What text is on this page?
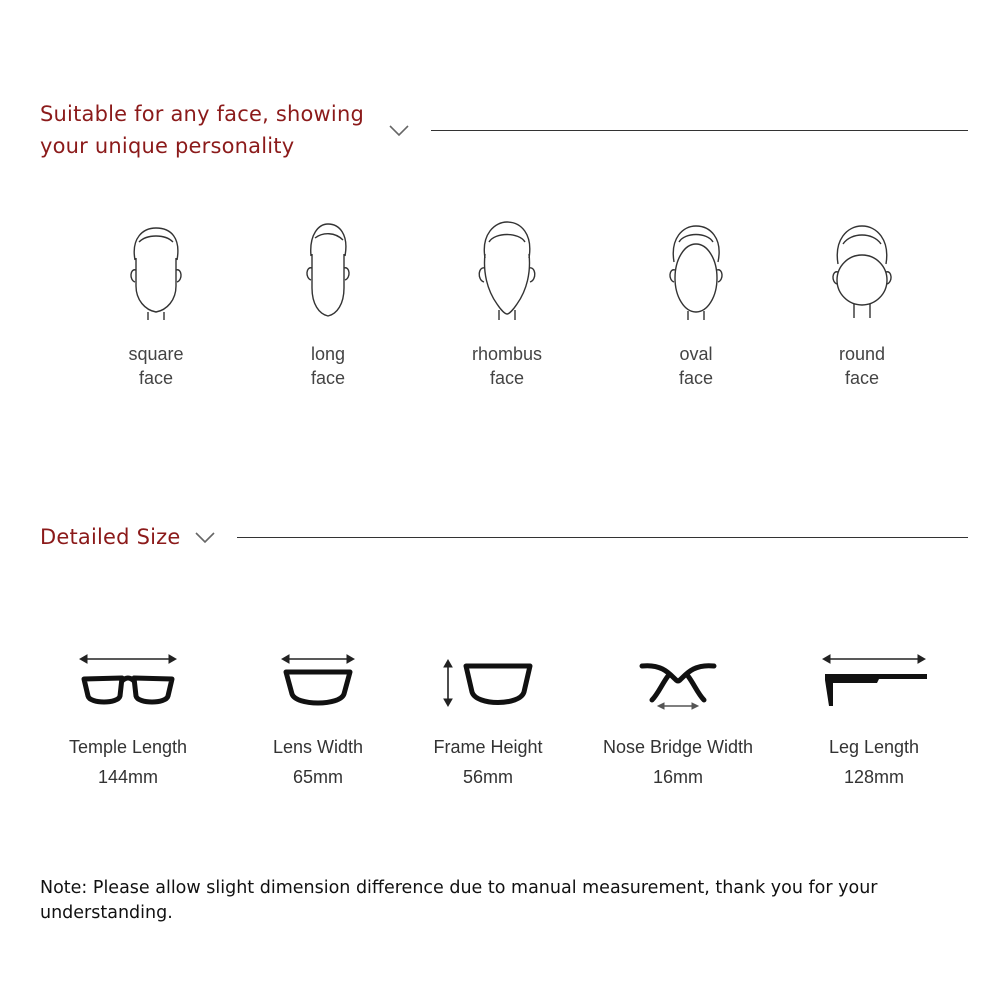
Suitable for any face, showing

your unique personality

square
face
long
face
rhombus
face
oval
face
round
face

Detailed Size

Temple Length
144mm
Lens Width
65mm
Frame Height
56mm
Nose Bridge Width
16mm
Leg Length
128mm

Note: Please allow slight dimension difference due to manual measurement, thank you for your understanding.
